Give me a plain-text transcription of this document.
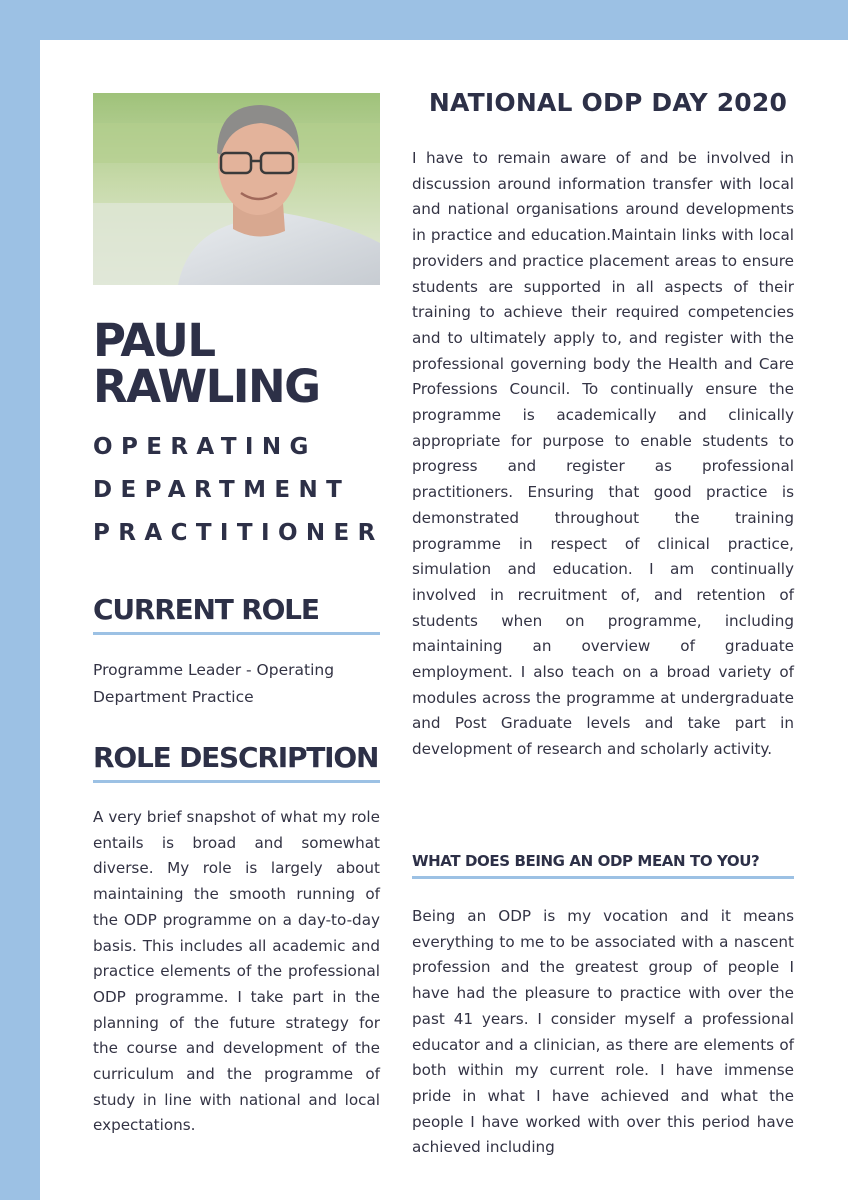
PAUL
RAWLING
OPERATING
DEPARTMENT
PRACTITIONER
CURRENT ROLE
Programme Leader - Operating Department Practice
ROLE DESCRIPTION
A very brief snapshot of what my role entails is broad and somewhat diverse. My role is largely about maintaining the smooth running of the ODP programme on a day-to-day basis. This includes all academic and practice elements of the professional ODP programme. I take part in the planning of the future strategy for the course and development of the curriculum and the programme of study in line with national and local expectations.
NATIONAL ODP DAY 2020
I have to remain aware of and be involved in discussion around information transfer with local and national organisations around developments in practice and education.Maintain links with local providers and practice placement areas to ensure students are supported in all aspects of their training to achieve their required competencies and to ultimately apply to, and register with the professional governing body the Health and Care Professions Council. To continually ensure the programme is academically and clinically appropriate for purpose to enable students to progress and register as professional practitioners. Ensuring that good practice is demonstrated throughout the training programme in respect of clinical practice, simulation and education. I am continually involved in recruitment of, and retention of students when on programme, including maintaining an overview of graduate employment. I also teach on a broad variety of modules across the programme at undergraduate and Post Graduate levels and take part in development of research and scholarly activity.
WHAT DOES BEING AN ODP MEAN TO YOU?
Being an ODP is my vocation and it means everything to me to be associated with a nascent profession and the greatest group of people I have had the pleasure to practice with over the past 41 years. I consider myself a professional educator and a clinician, as there are elements of both within my current role. I have immense pride in what I have achieved and what the people I have worked with over this period have achieved including
